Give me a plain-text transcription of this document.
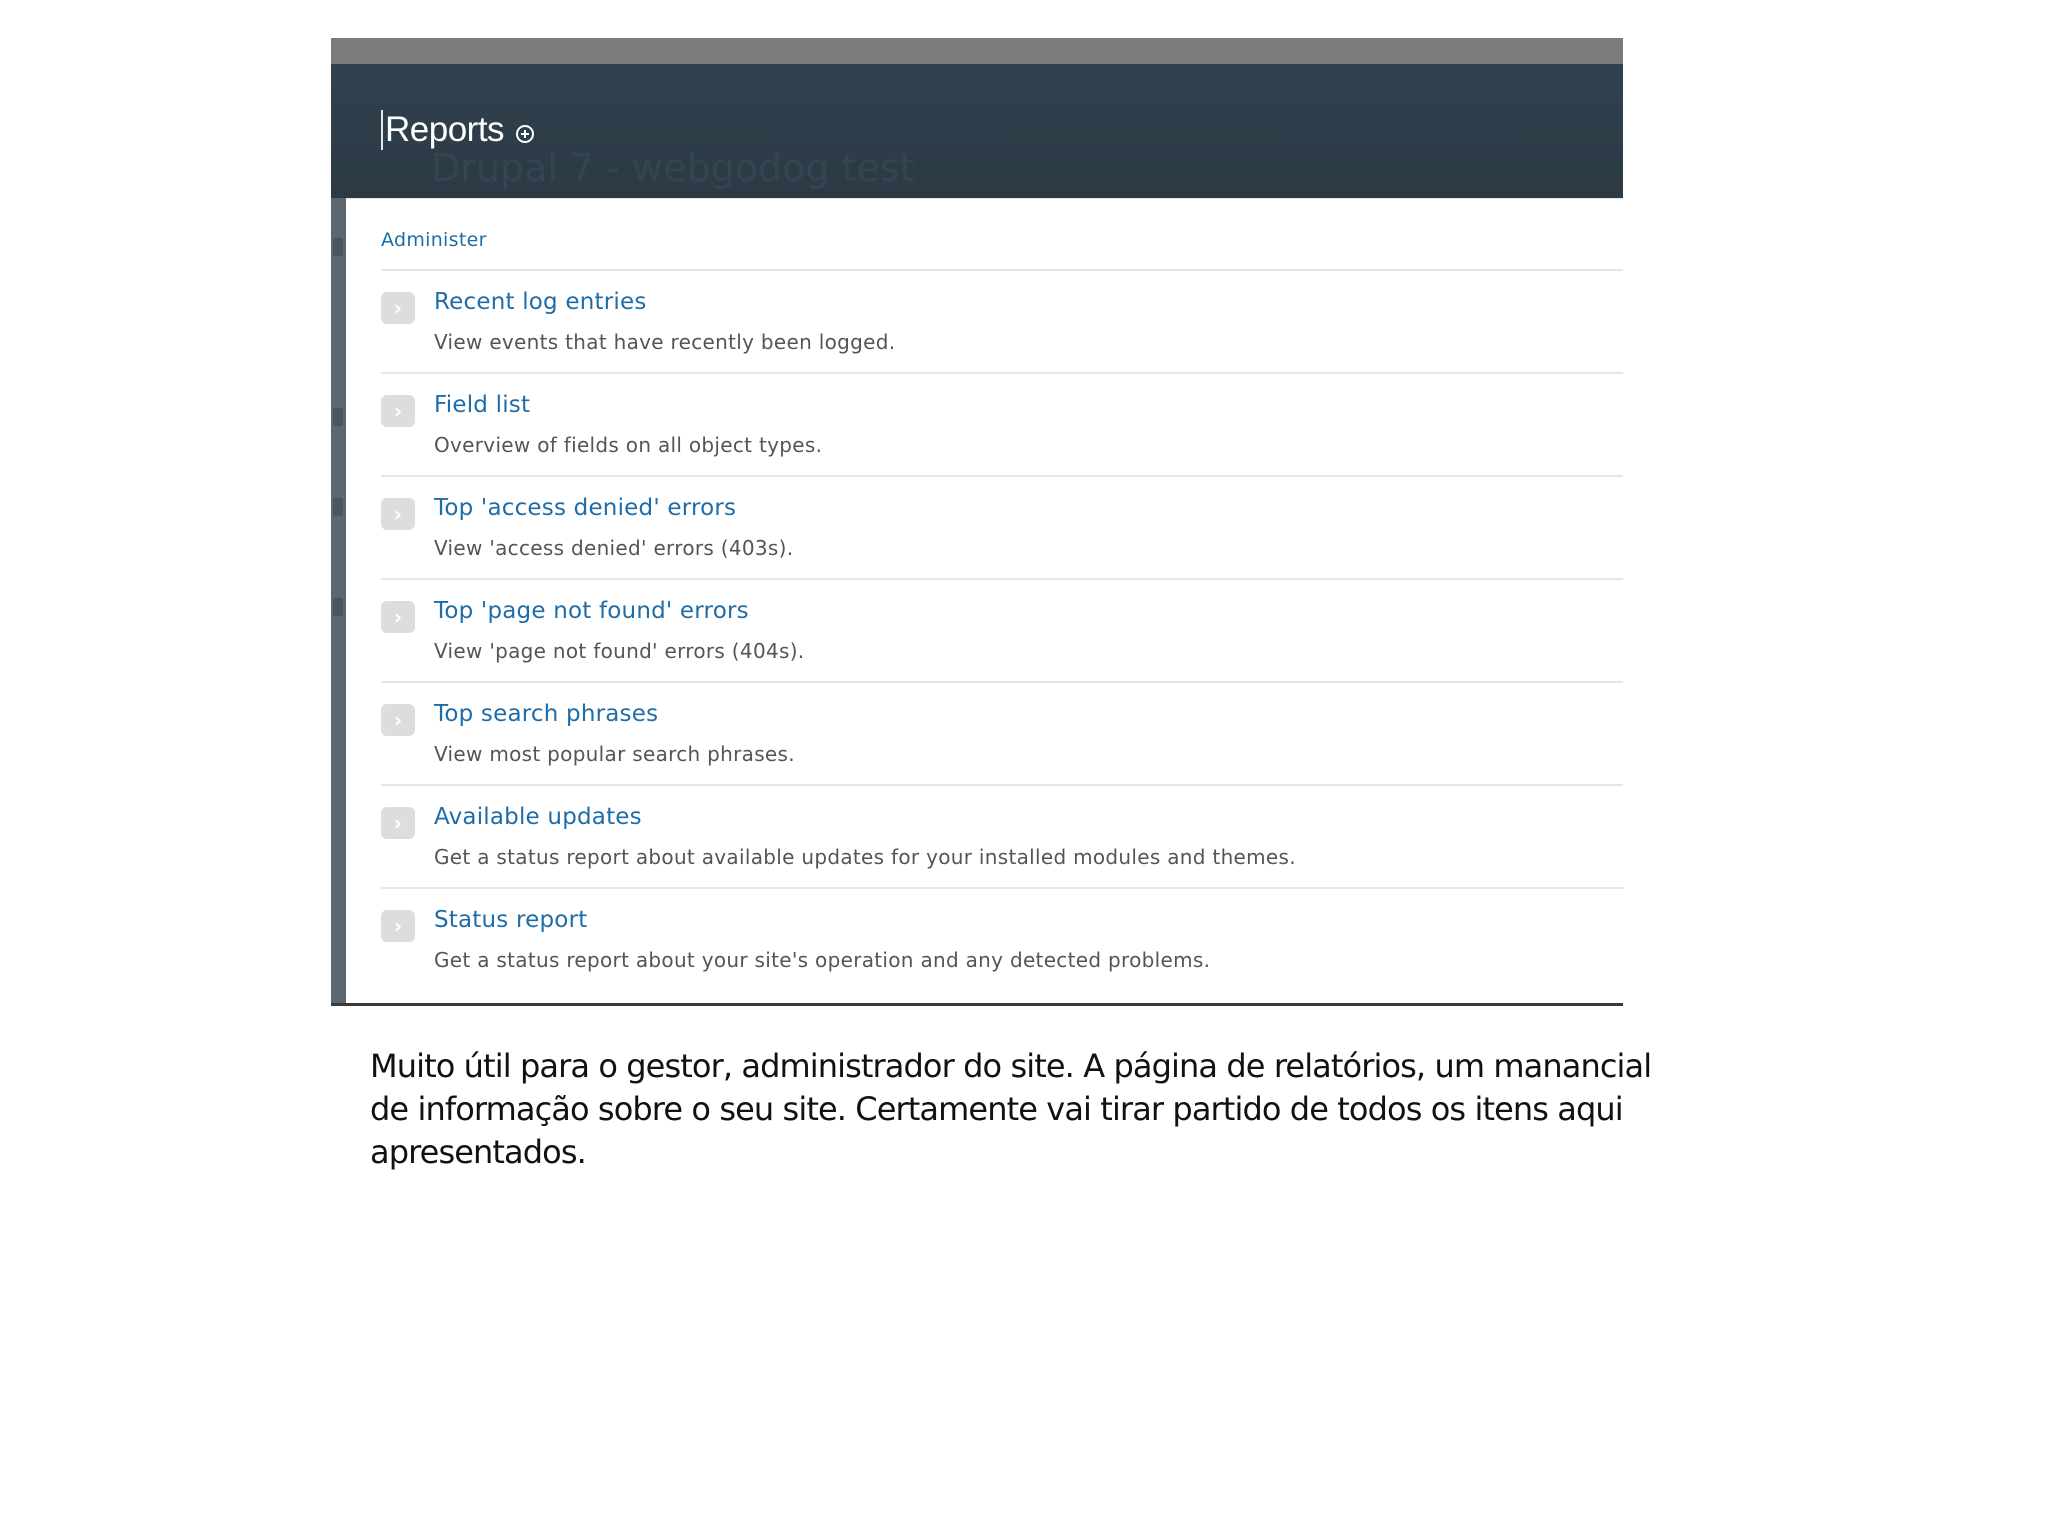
Drupal 7 - webgodog test
Reports
Administer
›	Recent log entries
View events that have recently been logged.
›	Field list
Overview of fields on all object types.
›	Top 'access denied' errors
View 'access denied' errors (403s).
›	Top 'page not found' errors
View 'page not found' errors (404s).
›	Top search phrases
View most popular search phrases.
›	Available updates
Get a status report about available updates for your installed modules and themes.
›	Status report
Get a status report about your site's operation and any detected problems.

Muito útil para o gestor, administrador do site. A página de relatórios, um manancial de informação sobre o seu site. Certamente vai tirar partido de todos os itens aqui apresentados.
